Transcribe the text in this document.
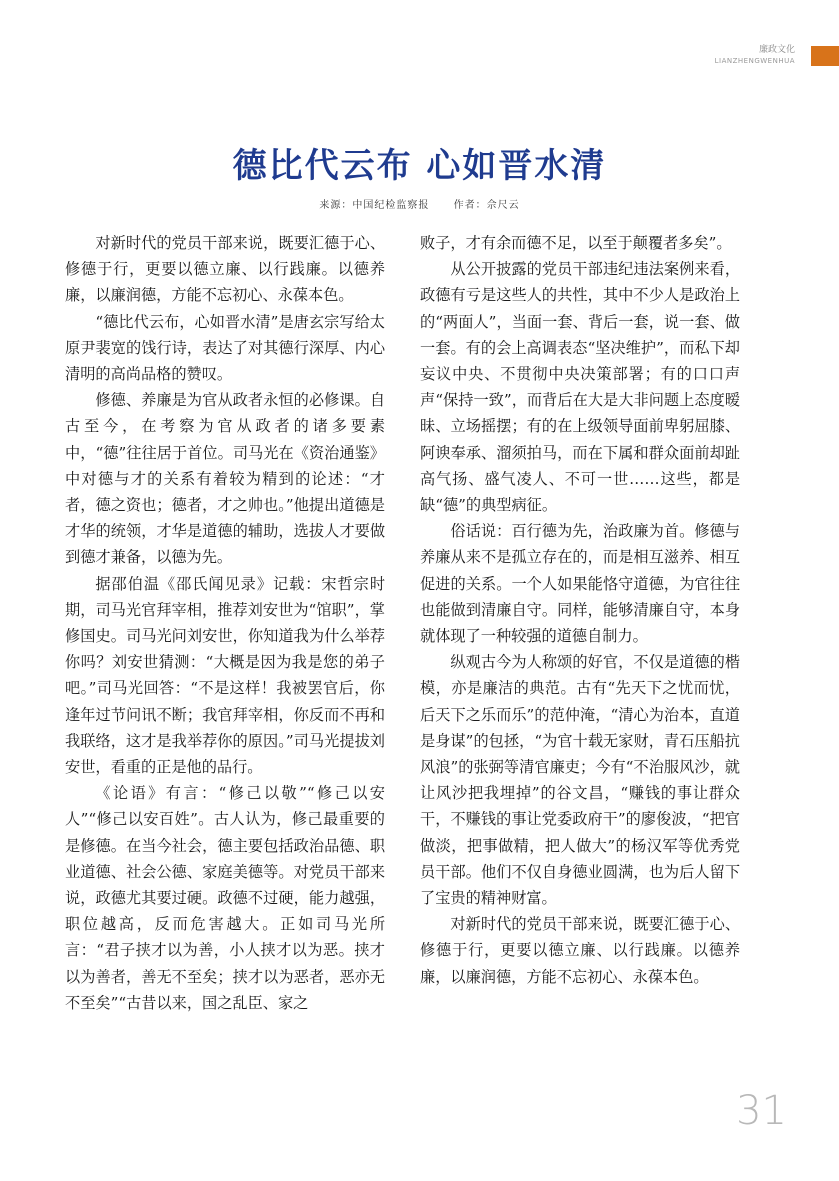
廉政文化
LIANZHENGWENHUA
德比代云布 心如晋水清
来源：中国纪检监察报 作者：佘尺云

对新时代的党员干部来说，既要汇德于心、修德于行，更要以德立廉、以行践廉。以德养廉，以廉润德，方能不忘初心、永葆本色。

“德比代云布，心如晋水清”是唐玄宗写给太原尹裴宽的饯行诗，表达了对其德行深厚、内心清明的高尚品格的赞叹。

修德、养廉是为官从政者永恒的必修课。自古至今，在考察为官从政者的诸多要素中，“德”往往居于首位。司马光在《资治通鉴》中对德与才的关系有着较为精到的论述：“才者，德之资也；德者，才之帅也。”他提出道德是才华的统领，才华是道德的辅助，选拔人才要做到德才兼备，以德为先。

据邵伯温《邵氏闻见录》记载：宋哲宗时期，司马光官拜宰相，推荐刘安世为“馆职”，掌修国史。司马光问刘安世，你知道我为什么举荐你吗？刘安世猜测：“大概是因为我是您的弟子吧。”司马光回答：“不是这样！我被罢官后，你逢年过节问讯不断；我官拜宰相，你反而不再和我联络，这才是我举荐你的原因。”司马光提拔刘安世，看重的正是他的品行。

《论语》有言：“修己以敬”“修己以安人”“修己以安百姓”。古人认为，修己最重要的是修德。在当今社会，德主要包括政治品德、职业道德、社会公德、家庭美德等。对党员干部来说，政德尤其要过硬。政德不过硬，能力越强，职位越高，反而危害越大。正如司马光所言：“君子挟才以为善，小人挟才以为恶。挟才以为善者，善无不至矣；挟才以为恶者，恶亦无不至矣”“古昔以来，国之乱臣、家之

败子，才有余而德不足，以至于颠覆者多矣”。

从公开披露的党员干部违纪违法案例来看，政德有亏是这些人的共性，其中不少人是政治上的“两面人”，当面一套、背后一套，说一套、做一套。有的会上高调表态“坚决维护”，而私下却妄议中央、不贯彻中央决策部署；有的口口声声“保持一致”，而背后在大是大非问题上态度暧昧、立场摇摆；有的在上级领导面前卑躬屈膝、阿谀奉承、溜须拍马，而在下属和群众面前却趾高气扬、盛气凌人、不可一世……这些，都是缺“德”的典型病征。

俗话说：百行德为先，治政廉为首。修德与养廉从来不是孤立存在的，而是相互滋养、相互促进的关系。一个人如果能恪守道德，为官往往也能做到清廉自守。同样，能够清廉自守，本身就体现了一种较强的道德自制力。

纵观古今为人称颂的好官，不仅是道德的楷模，亦是廉洁的典范。古有“先天下之忧而忧，后天下之乐而乐”的范仲淹，“清心为治本，直道是身谋”的包拯，“为官十载无家财，青石压船抗风浪”的张弼等清官廉吏；今有“不治服风沙，就让风沙把我埋掉”的谷文昌，“赚钱的事让群众干，不赚钱的事让党委政府干”的廖俊波，“把官做淡，把事做精，把人做大”的杨汉军等优秀党员干部。他们不仅自身德业圆满，也为后人留下了宝贵的精神财富。

对新时代的党员干部来说，既要汇德于心、修德于行，更要以德立廉、以行践廉。以德养廉，以廉润德，方能不忘初心、永葆本色。

31
